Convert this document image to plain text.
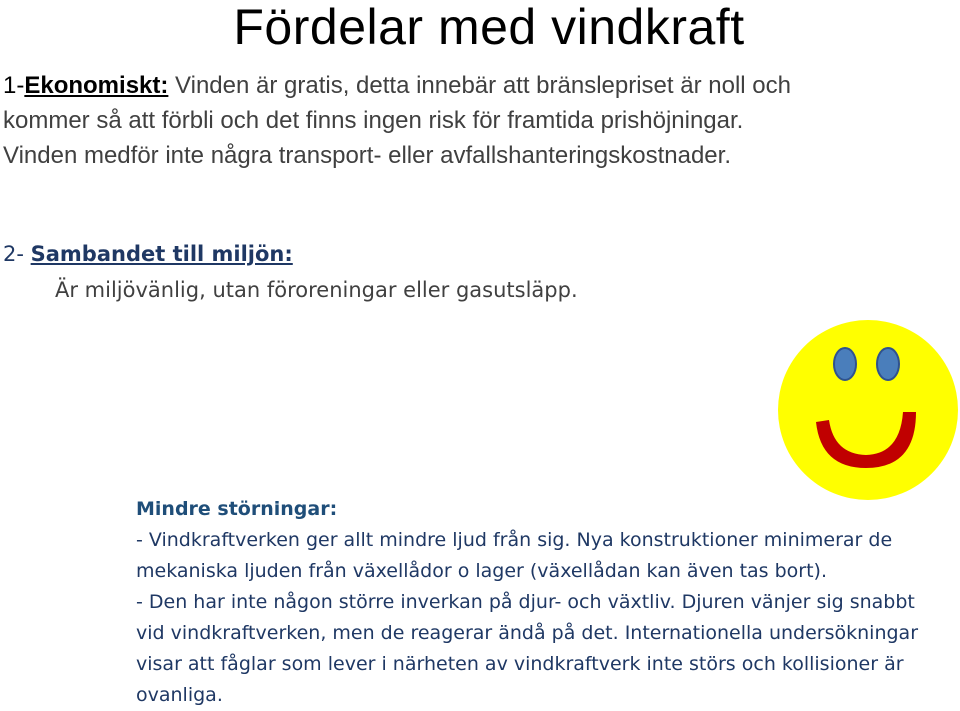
Fördelar med vindkraft
1-Ekonomiskt: Vinden är gratis, detta innebär att bränslepriset är noll och kommer så att förbli och det finns ingen risk för framtida prishöjningar. Vinden medför inte några transport- eller avfallshanteringskostnader.
2- Sambandet till miljön:
Är miljövänlig, utan föroreningar eller gasutsläpp.
Mindre störningar:
- Vindkraftverken ger allt mindre ljud från sig. Nya konstruktioner minimerar de mekaniska ljuden från växellådor o lager (växellådan kan även tas bort).
- Den har inte någon större inverkan på djur- och växtliv. Djuren vänjer sig snabbt vid vindkraftverken, men de reagerar ändå på det. Internationella undersökningar visar att fåglar som lever i närheten av vindkraftverk inte störs och kollisioner är ovanliga.
